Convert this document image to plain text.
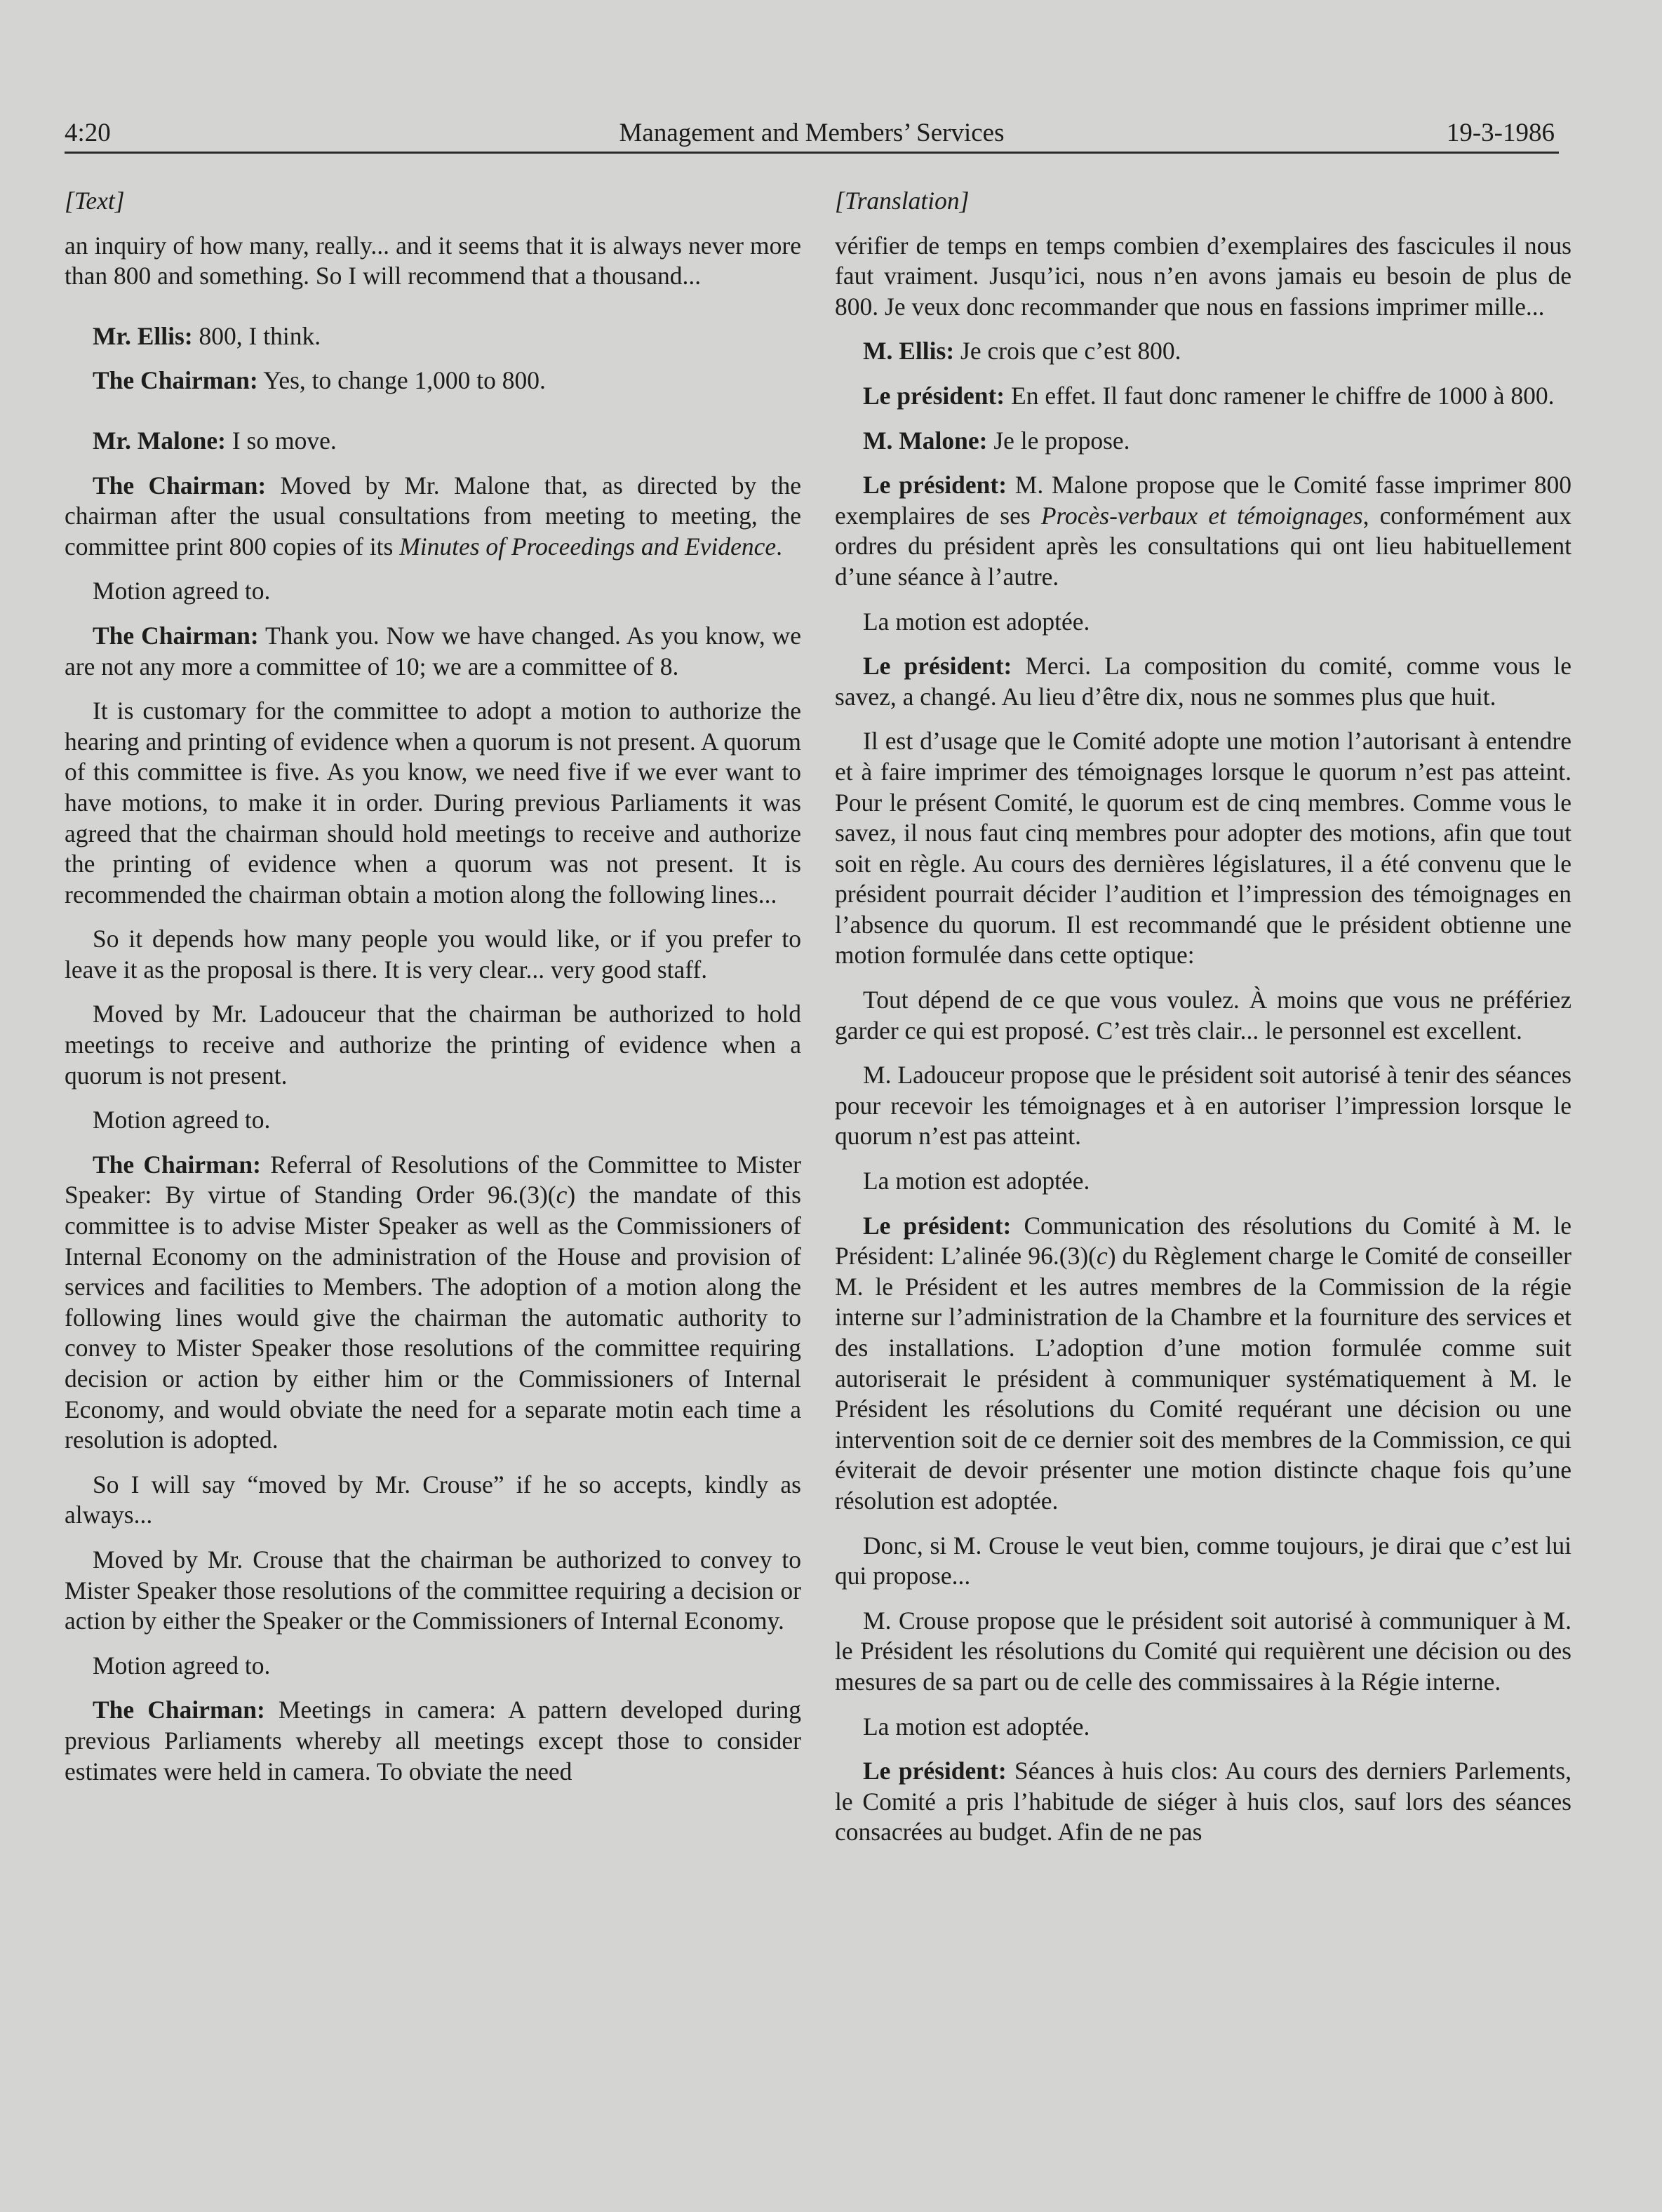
4:20	Management and Members’ Services	19-3-1986

[Text]

an inquiry of how many, really... and it seems that it is always never more than 800 and something. So I will recommend that a thousand...

Mr. Ellis: 800, I think.

The Chairman: Yes, to change 1,000 to 800.

Mr. Malone: I so move.

The Chairman: Moved by Mr. Malone that, as directed by the chairman after the usual consultations from meeting to meeting, the committee print 800 copies of its Minutes of Proceedings and Evidence.

Motion agreed to.

The Chairman: Thank you. Now we have changed. As you know, we are not any more a committee of 10; we are a committee of 8.

It is customary for the committee to adopt a motion to authorize the hearing and printing of evidence when a quorum is not present. A quorum of this committee is five. As you know, we need five if we ever want to have motions, to make it in order. During previous Parliaments it was agreed that the chairman should hold meetings to receive and authorize the printing of evidence when a quorum was not present. It is recommended the chairman obtain a motion along the following lines...

So it depends how many people you would like, or if you prefer to leave it as the proposal is there. It is very clear... very good staff.

Moved by Mr. Ladouceur that the chairman be authorized to hold meetings to receive and authorize the printing of evidence when a quorum is not present.

Motion agreed to.

The Chairman: Referral of Resolutions of the Committee to Mister Speaker: By virtue of Standing Order 96.(3)(c) the mandate of this committee is to advise Mister Speaker as well as the Commissioners of Internal Economy on the administration of the House and provision of services and facilities to Members. The adoption of a motion along the following lines would give the chairman the automatic authority to convey to Mister Speaker those resolutions of the committee requiring decision or action by either him or the Commissioners of Internal Economy, and would obviate the need for a separate motin each time a resolution is adopted.

So I will say “moved by Mr. Crouse” if he so accepts, kindly as always...

Moved by Mr. Crouse that the chairman be authorized to convey to Mister Speaker those resolutions of the committee requiring a decision or action by either the Speaker or the Commissioners of Internal Economy.

Motion agreed to.

The Chairman: Meetings in camera: A pattern developed during previous Parliaments whereby all meetings except those to consider estimates were held in camera. To obviate the need

[Translation]

vérifier de temps en temps combien d’exemplaires des fascicules il nous faut vraiment. Jusqu’ici, nous n’en avons jamais eu besoin de plus de 800. Je veux donc recommander que nous en fassions imprimer mille...

M. Ellis: Je crois que c’est 800.

Le président: En effet. Il faut donc ramener le chiffre de 1000 à 800.

M. Malone: Je le propose.

Le président: M. Malone propose que le Comité fasse imprimer 800 exemplaires de ses Procès-verbaux et témoignages, conformément aux ordres du président après les consultations qui ont lieu habituellement d’une séance à l’autre.

La motion est adoptée.

Le président: Merci. La composition du comité, comme vous le savez, a changé. Au lieu d’être dix, nous ne sommes plus que huit.

Il est d’usage que le Comité adopte une motion l’autorisant à entendre et à faire imprimer des témoignages lorsque le quorum n’est pas atteint. Pour le présent Comité, le quorum est de cinq membres. Comme vous le savez, il nous faut cinq membres pour adopter des motions, afin que tout soit en règle. Au cours des dernières législatures, il a été convenu que le président pourrait décider l’audition et l’impression des témoignages en l’absence du quorum. Il est recommandé que le président obtienne une motion formulée dans cette optique:

Tout dépend de ce que vous voulez. À moins que vous ne préfériez garder ce qui est proposé. C’est très clair... le personnel est excellent.

M. Ladouceur propose que le président soit autorisé à tenir des séances pour recevoir les témoignages et à en autoriser l’impression lorsque le quorum n’est pas atteint.

La motion est adoptée.

Le président: Communication des résolutions du Comité à M. le Président: L’alinée 96.(3)(c) du Règlement charge le Comité de conseiller M. le Président et les autres membres de la Commission de la régie interne sur l’administration de la Chambre et la fourniture des services et des installations. L’adoption d’une motion formulée comme suit autoriserait le président à communiquer systématiquement à M. le Président les résolutions du Comité requérant une décision ou une intervention soit de ce dernier soit des membres de la Commission, ce qui éviterait de devoir présenter une motion distincte chaque fois qu’une résolution est adoptée.

Donc, si M. Crouse le veut bien, comme toujours, je dirai que c’est lui qui propose...

M. Crouse propose que le président soit autorisé à communiquer à M. le Président les résolutions du Comité qui requièrent une décision ou des mesures de sa part ou de celle des commissaires à la Régie interne.

La motion est adoptée.

Le président: Séances à huis clos: Au cours des derniers Parlements, le Comité a pris l’habitude de siéger à huis clos, sauf lors des séances consacrées au budget. Afin de ne pas
